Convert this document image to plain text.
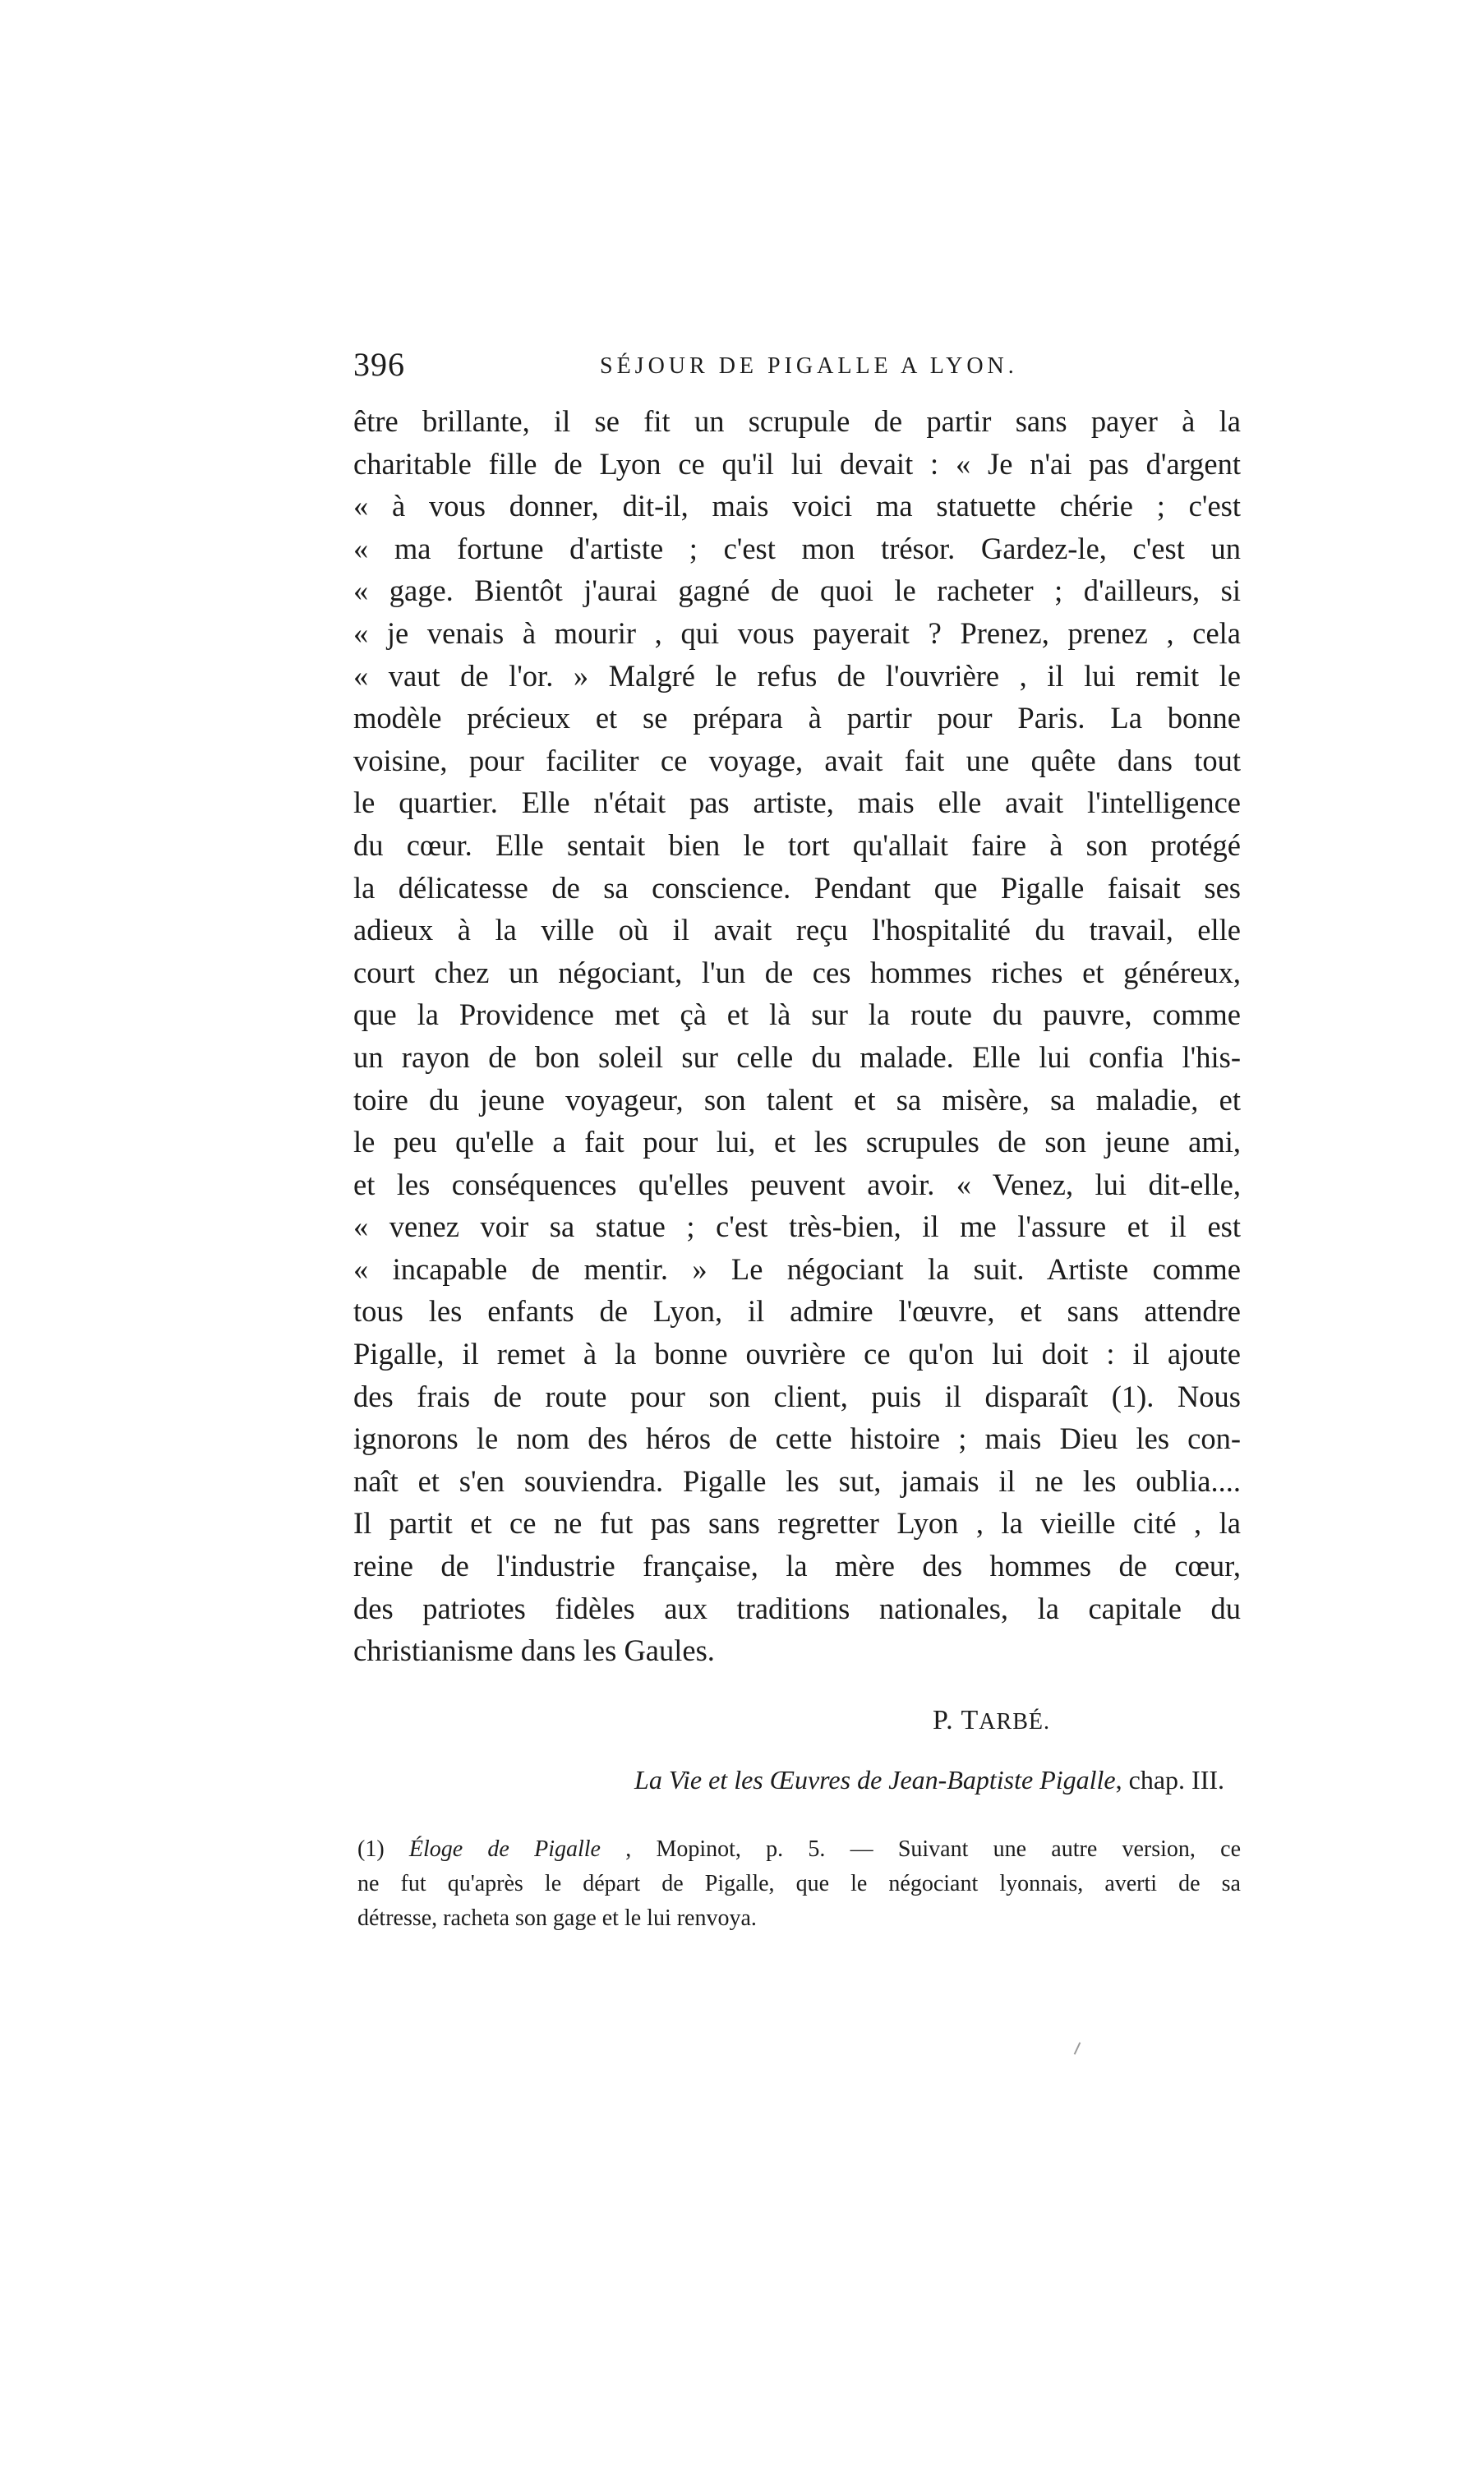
396	SÉJOUR DE PIGALLE A LYON.
être brillante, il se fit un scrupule de partir sans payer à la
charitable fille de Lyon ce qu'il lui devait : « Je n'ai pas d'argent
« à vous donner, dit-il, mais voici ma statuette chérie ; c'est
« ma fortune d'artiste ; c'est mon trésor. Gardez-le, c'est un
« gage. Bientôt j'aurai gagné de quoi le racheter ; d'ailleurs, si
« je venais à mourir , qui vous payerait ? Prenez, prenez , cela
« vaut de l'or. » Malgré le refus de l'ouvrière , il lui remit le
modèle précieux et se prépara à partir pour Paris. La bonne
voisine, pour faciliter ce voyage, avait fait une quête dans tout
le quartier. Elle n'était pas artiste, mais elle avait l'intelligence
du cœur. Elle sentait bien le tort qu'allait faire à son protégé
la délicatesse de sa conscience. Pendant que Pigalle faisait ses
adieux à la ville où il avait reçu l'hospitalité du travail, elle
court chez un négociant, l'un de ces hommes riches et généreux,
que la Providence met çà et là sur la route du pauvre, comme
un rayon de bon soleil sur celle du malade. Elle lui confia l'his-
toire du jeune voyageur, son talent et sa misère, sa maladie, et
le peu qu'elle a fait pour lui, et les scrupules de son jeune ami,
et les conséquences qu'elles peuvent avoir. « Venez, lui dit-elle,
« venez voir sa statue ; c'est très-bien, il me l'assure et il est
« incapable de mentir. » Le négociant la suit. Artiste comme
tous les enfants de Lyon, il admire l'œuvre, et sans attendre
Pigalle, il remet à la bonne ouvrière ce qu'on lui doit : il ajoute
des frais de route pour son client, puis il disparaît (1). Nous
ignorons le nom des héros de cette histoire ; mais Dieu les con-
naît et s'en souviendra. Pigalle les sut, jamais il ne les oublia....
Il partit et ce ne fut pas sans regretter Lyon , la vieille cité , la
reine de l'industrie française, la mère des hommes de cœur,
des patriotes fidèles aux traditions nationales, la capitale du
christianisme dans les Gaules.
P. TARBÉ.
La Vie et les Œuvres de Jean-Baptiste Pigalle, chap. III.
(1) Éloge de Pigalle , Mopinot, p. 5. — Suivant une autre version, ce
ne fut qu'après le départ de Pigalle, que le négociant lyonnais, averti de sa
détresse, racheta son gage et le lui renvoya.
